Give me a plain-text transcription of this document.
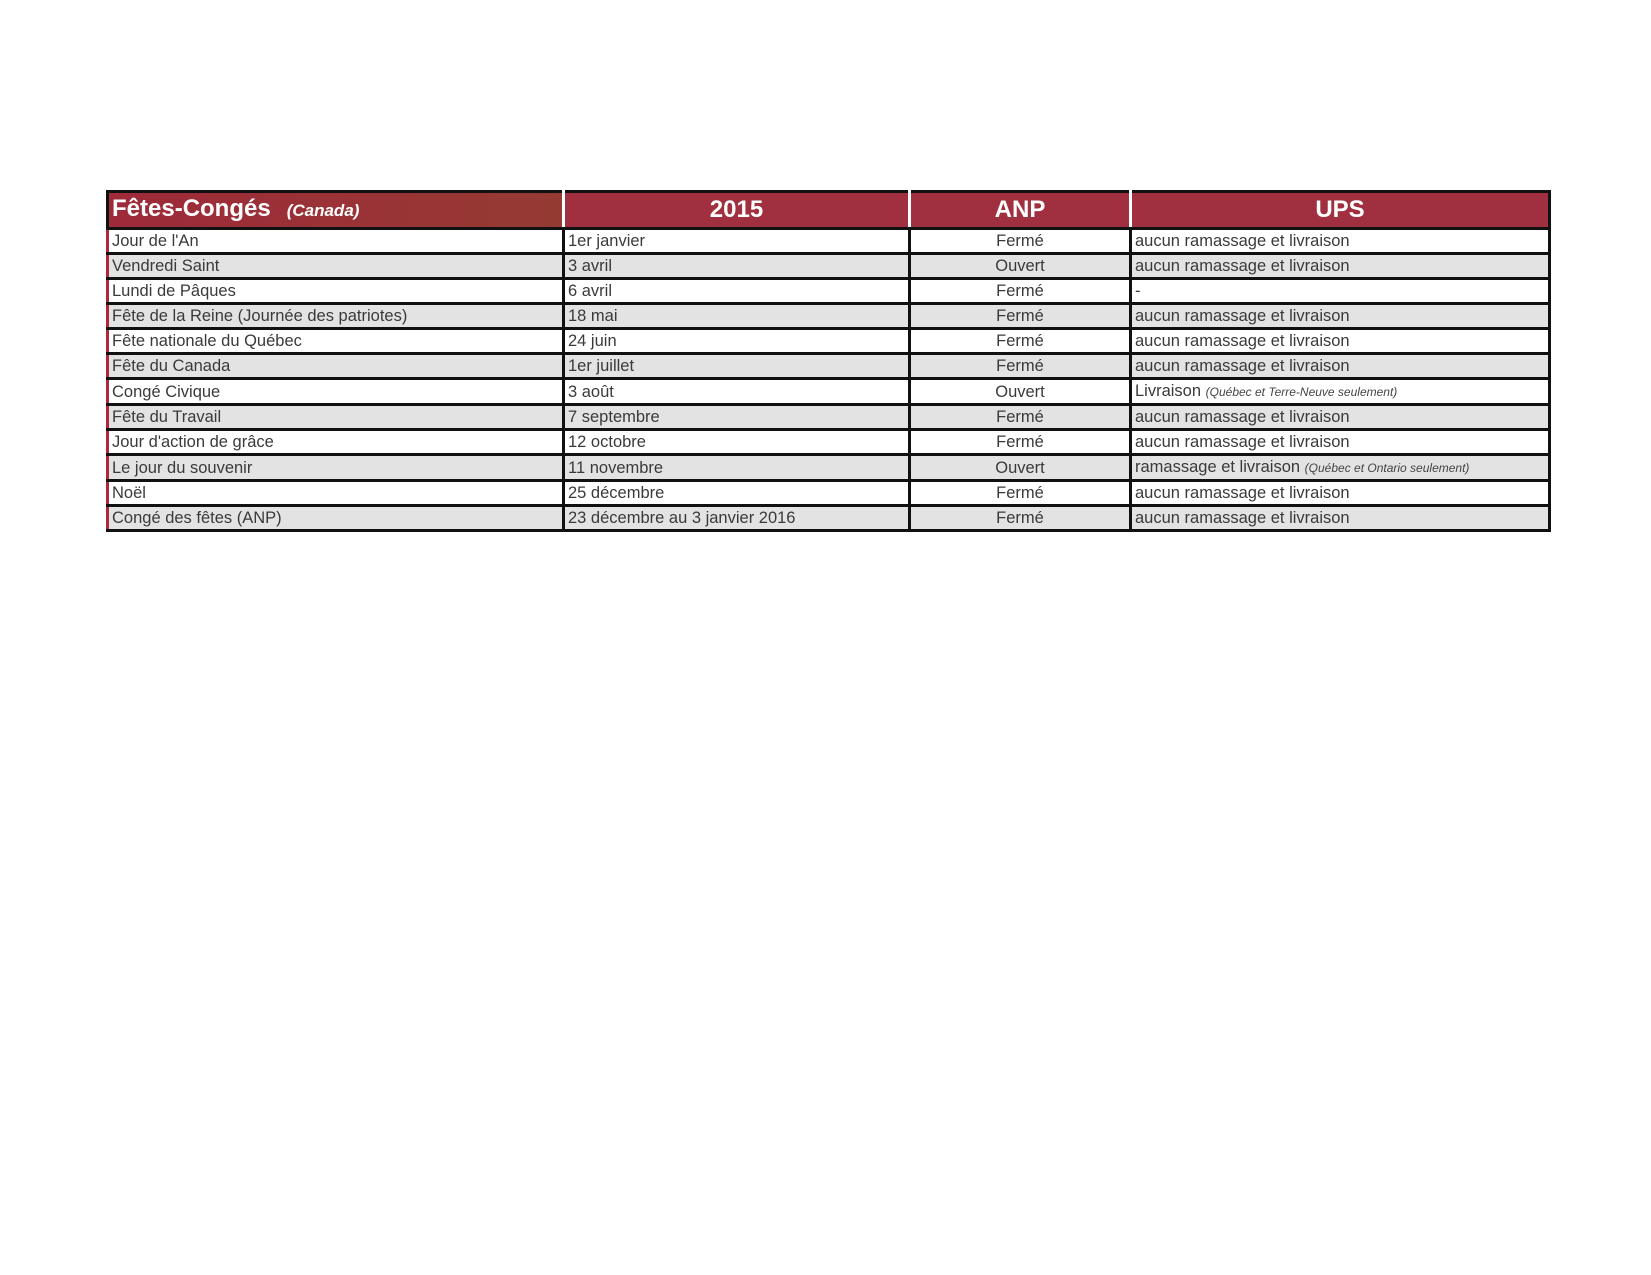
Fêtes-Congés (Canada)	2015	ANP	UPS
Jour de l'An	1er janvier	Fermé	aucun ramassage et livraison
Vendredi Saint	3 avril	Ouvert	aucun ramassage et livraison
Lundi de Pâques	6 avril	Fermé	-
Fête de la Reine (Journée des patriotes)	18 mai	Fermé	aucun ramassage et livraison
Fête nationale du Québec	24 juin	Fermé	aucun ramassage et livraison
Fête du Canada	1er juillet	Fermé	aucun ramassage et livraison
Congé Civique	3 août	Ouvert	Livraison (Québec et Terre-Neuve seulement)
Fête du Travail	7 septembre	Fermé	aucun ramassage et livraison
Jour d'action de grâce	12 octobre	Fermé	aucun ramassage et livraison
Le jour du souvenir	11 novembre	Ouvert	ramassage et livraison (Québec et Ontario seulement)
Noël	25 décembre	Fermé	aucun ramassage et livraison
Congé des fêtes (ANP)	23 décembre au 3 janvier 2016	Fermé	aucun ramassage et livraison
